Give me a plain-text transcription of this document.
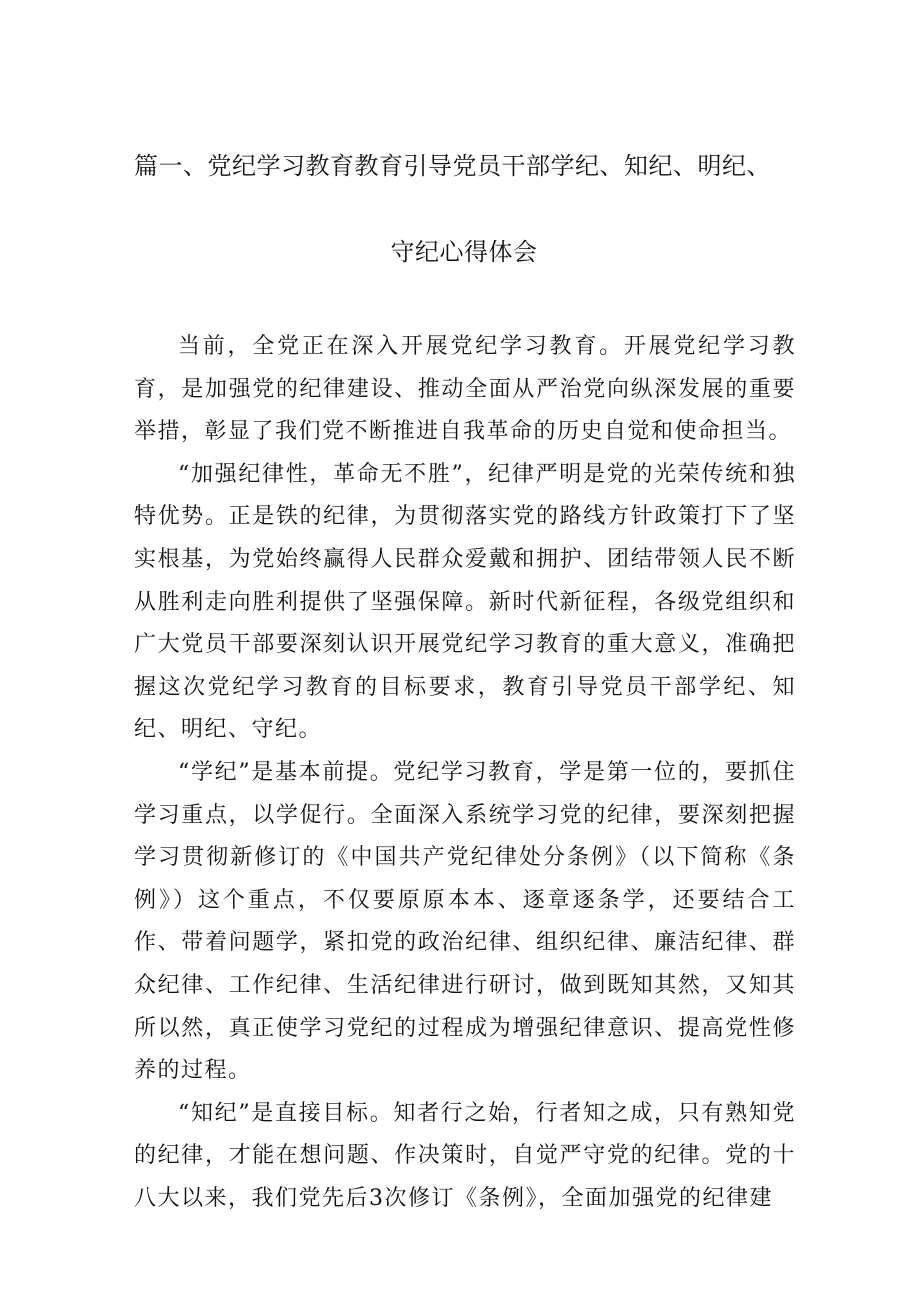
篇一、党纪学习教育教育引导党员干部学纪、知纪、明纪、
守纪心得体会

当前，全党正在深入开展党纪学习教育。开展党纪学习教育，是加强党的纪律建设、推动全面从严治党向纵深发展的重要举措，彰显了我们党不断推进自我革命的历史自觉和使命担当。

“加强纪律性，革命无不胜”，纪律严明是党的光荣传统和独特优势。正是铁的纪律，为贯彻落实党的路线方针政策打下了坚实根基，为党始终赢得人民群众爱戴和拥护、团结带领人民不断从胜利走向胜利提供了坚强保障。新时代新征程，各级党组织和广大党员干部要深刻认识开展党纪学习教育的重大意义，准确把握这次党纪学习教育的目标要求，教育引导党员干部学纪、知纪、明纪、守纪。

“学纪”是基本前提。党纪学习教育，学是第一位的，要抓住学习重点，以学促行。全面深入系统学习党的纪律，要深刻把握学习贯彻新修订的《中国共产党纪律处分条例》（以下简称《条例》）这个重点，不仅要原原本本、逐章逐条学，还要结合工作、带着问题学，紧扣党的政治纪律、组织纪律、廉洁纪律、群众纪律、工作纪律、生活纪律进行研讨，做到既知其然，又知其所以然，真正使学习党纪的过程成为增强纪律意识、提高党性修养的过程。

“知纪”是直接目标。知者行之始，行者知之成，只有熟知党的纪律，才能在想问题、作决策时，自觉严守党的纪律。党的十八大以来，我们党先后3次修订《条例》，全面加强党的纪律建
